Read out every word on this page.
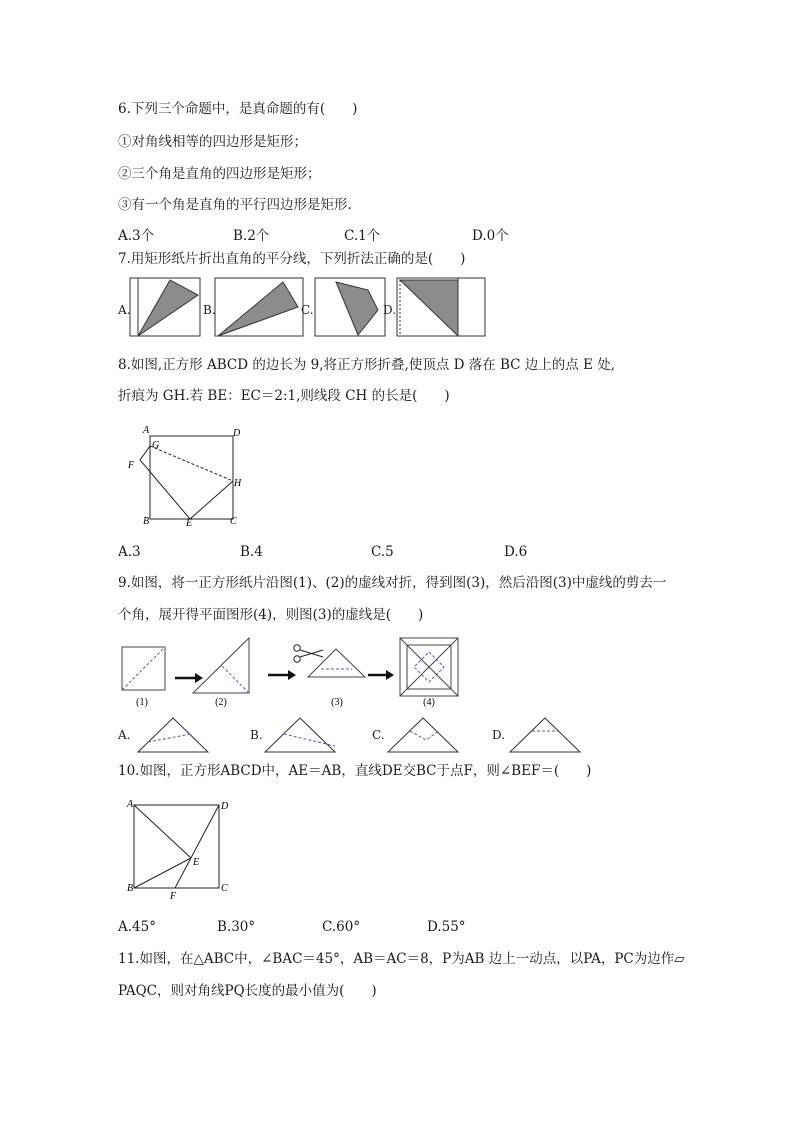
6.下列三个命题中，是真命题的有(　　)
①对角线相等的四边形是矩形；
②三个角是直角的四边形是矩形；
③有一个角是直角的平行四边形是矩形.
A.3个	B.2个	C.1个	D.0个
7.用矩形纸片折出直角的平分线，下列折法正确的是(　　)
A.	B.	C.	D.
8.如图,正方形 ABCD 的边长为 9,将正方形折叠,使顶点 D 落在 BC 边上的点 E 处,
折痕为 GH.若 BE：EC＝2:1,则线段 CH 的长是(　　)
A	D
G
F
H
B	E	C
A.3	B.4	C.5	D.6
9.如图，将一正方形纸片沿图(1)、(2)的虚线对折，得到图(3)，然后沿图(3)中虚线的剪去一
个角，展开得平面图形(4)，则图(3)的虚线是(　　)
(1)	(2)	(3)	(4)
A.	B.	C.	D.
10.如图，正方形ABCD中，AE＝AB，直线DE交BC于点F，则∠BEF＝(　　)
A	D
E
B
F
C
A.45°	B.30°	C.60°	D.55°
11.如图，在△ABC中，∠BAC＝45°，AB＝AC＝8，P为AB 边上一动点，以PA，PC为边作▱
PAQC，则对角线PQ长度的最小值为(　　)
